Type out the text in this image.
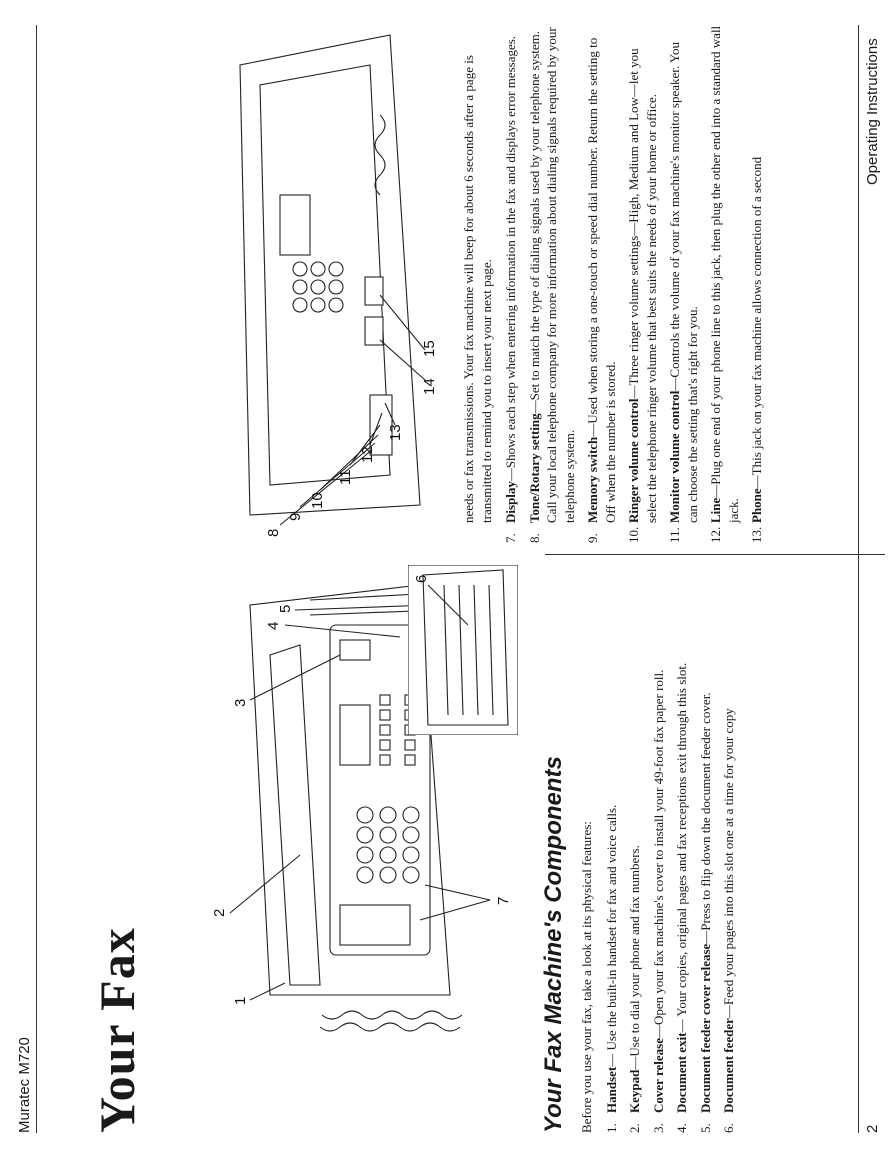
Muratec M720	2
Operating Instructions
Your Fax	1
2
3
4
5
7
6
8
9
10
11
12
13
14
15
Your Fax Machine's Components Before you use your fax, take a look at its physical features: 1.
Handset— Use the built-in handset for fax and voice calls.
2.
Keypad—Use to dial your phone and fax numbers.
3.
Cover release—Open your fax machine's cover to install your 49-foot fax paper roll.
4.
Document exit— Your copies, original pages and fax receptions exit through this slot.
5.
Document feeder cover release—Press to flip down the document feeder cover.
6.
Document feeder—Feed your pages into this slot one at a time for your copy

needs or fax transmissions. Your fax machine will beep for about 6 seconds after a page is transmitted to remind you to insert your next page.

7.
Display—Shows each step when entering information in the fax and displays error messages.
8.
Tone/Rotary setting—Set to match the type of dialing signals used by your telephone system. Call your local telephone company for more information about dialing signals required by your telephone system.
9.
Memory switch—Used when storing a one-touch or speed dial number. Return the setting to Off when the number is stored.
10.
Ringer volume control—Three ringer volume settings—High, Medium and Low—let you select the telephone ringer volume that best suits the needs of your home or office.
11.
Monitor volume control—Controls the volume of your fax machine's monitor speaker. You can choose the setting that's right for you.
12.
Line—Plug one end of your phone line to this jack, then plug the other end into a standard wall jack.
13.
Phone—This jack on your fax machine allows connection of a second
